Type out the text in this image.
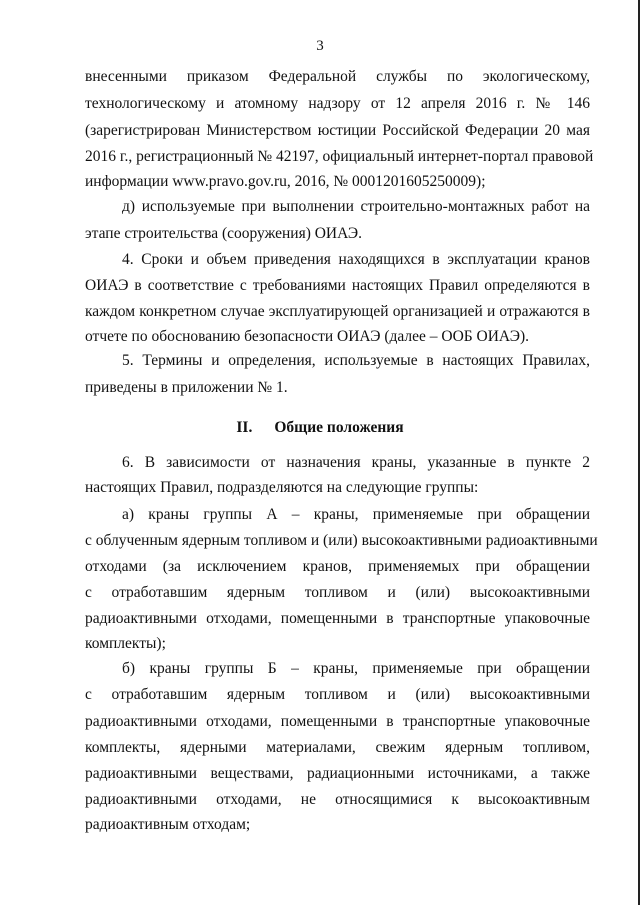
3
внесенными приказом Федеральной службы по экологическому,
технологическому и атомному надзору от 12 апреля 2016 г. № 146
(зарегистрирован Министерством юстиции Российской Федерации 20 мая
2016 г., регистрационный № 42197, официальный интернет-портал правовой
информации www.pravo.gov.ru, 2016, № 0001201605250009);
д) используемые при выполнении строительно-монтажных работ на
этапе строительства (сооружения) ОИАЭ.
4. Сроки и объем приведения находящихся в эксплуатации кранов
ОИАЭ в соответствие с требованиями настоящих Правил определяются в
каждом конкретном случае эксплуатирующей организацией и отражаются в
отчете по обоснованию безопасности ОИАЭ (далее – ООБ ОИАЭ).
5. Термины и определения, используемые в настоящих Правилах,
приведены в приложении № 1.
II. Общие положения
6. В зависимости от назначения краны, указанные в пункте 2
настоящих Правил, подразделяются на следующие группы:
а) краны группы А – краны, применяемые при обращении
с облученным ядерным топливом и (или) высокоактивными радиоактивными
отходами (за исключением кранов, применяемых при обращении
с отработавшим ядерным топливом и (или) высокоактивными
радиоактивными отходами, помещенными в транспортные упаковочные
комплекты);
б) краны группы Б – краны, применяемые при обращении
с отработавшим ядерным топливом и (или) высокоактивными
радиоактивными отходами, помещенными в транспортные упаковочные
комплекты, ядерными материалами, свежим ядерным топливом,
радиоактивными веществами, радиационными источниками, а также
радиоактивными отходами, не относящимися к высокоактивным
радиоактивным отходам;
